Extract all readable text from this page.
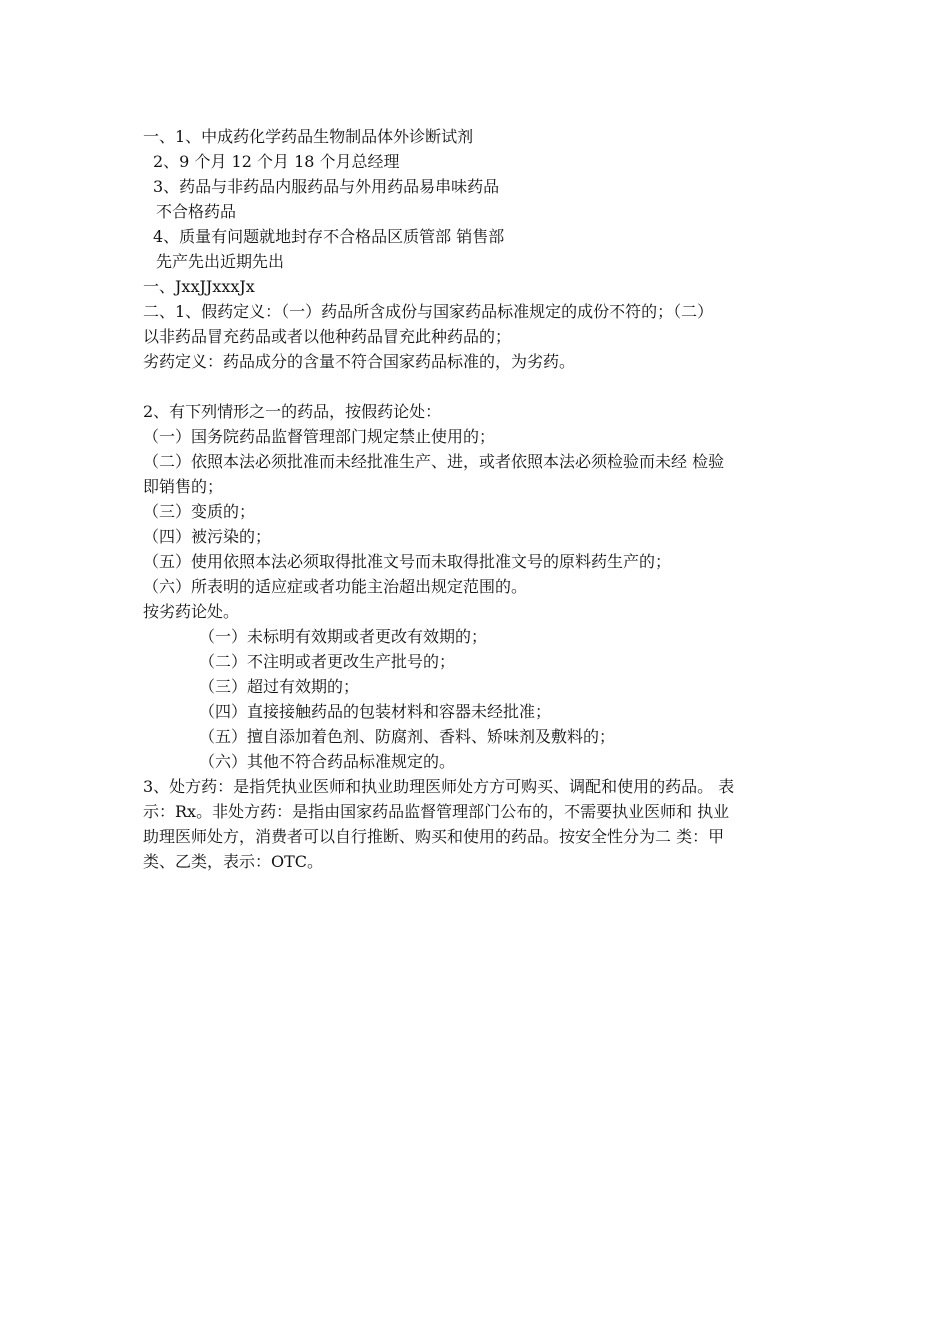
一、1、中成药化学药品生物制品体外诊断试剂
2、9 个月 12 个月 18 个月总经理
3、药品与非药品内服药品与外用药品易串味药品
不合格药品
4、质量有问题就地封存不合格品区质管部 销售部
先产先出近期先出
一、JxxJJxxxJx
二、1、假药定义：（一）药品所含成份与国家药品标准规定的成份不符的；（二）
以非药品冒充药品或者以他种药品冒充此种药品的；
劣药定义：药品成分的含量不符合国家药品标准的，为劣药。
2、有下列情形之一的药品，按假药论处：
（一）国务院药品监督管理部门规定禁止使用的；
（二）依照本法必须批准而未经批准生产、进，或者依照本法必须检验而未经 检验
即销售的；
（三）变质的；
（四）被污染的；
（五）使用依照本法必须取得批准文号而未取得批准文号的原料药生产的；
（六）所表明的适应症或者功能主治超出规定范围的。
按劣药论处。
（一）未标明有效期或者更改有效期的；
（二）不注明或者更改生产批号的；
（三）超过有效期的；
（四）直接接触药品的包装材料和容器未经批准；
（五）擅自添加着色剂、防腐剂、香料、矫味剂及敷料的；
（六）其他不符合药品标准规定的。
3、处方药：是指凭执业医师和执业助理医师处方方可购买、调配和使用的药品。 表
示：Rx。非处方药：是指由国家药品监督管理部门公布的，不需要执业医师和 执业
助理医师处方，消费者可以自行推断、购买和使用的药品。按安全性分为二 类：甲
类、乙类，表示：OTC。
